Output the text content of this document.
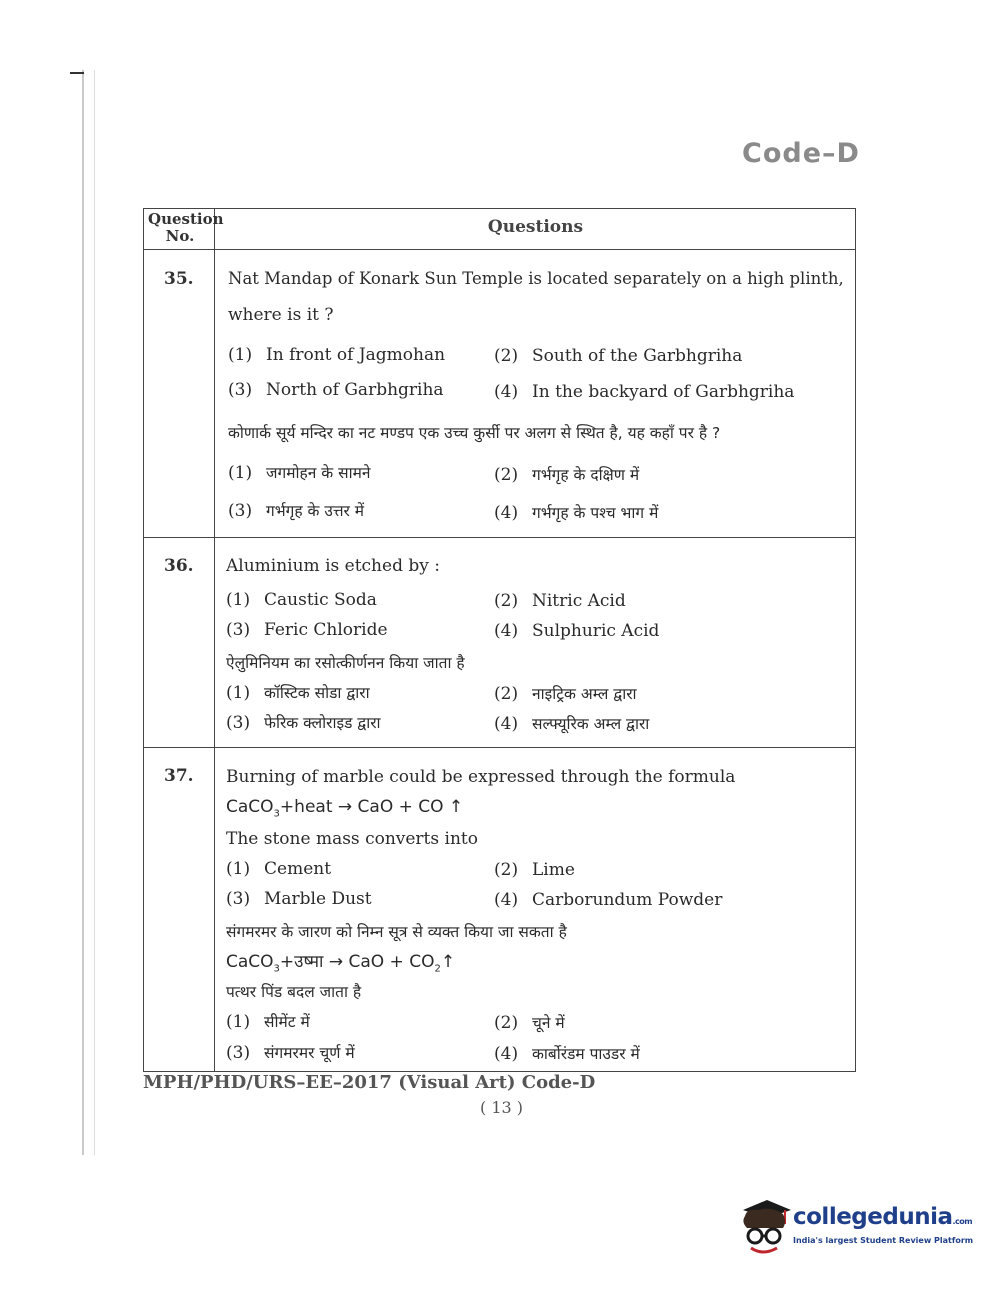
Code–D
Question No.	Questions
35.	Nat Mandap of Konark Sun Temple is located separately on a high plinth,
where is it ?
(1) In front of Jagmohan	(2) South of the Garbhgriha
(3) North of Garbhgriha	(4) In the backyard of Garbhgriha
कोणार्क सूर्य मन्दिर का नट मण्डप एक उच्च कुर्सी पर अलग से स्थित है, यह कहाँ पर है ?
(1) जगमोहन के सामने	(2) गर्भगृह के दक्षिण में
(3) गर्भगृह के उत्तर में	(4) गर्भगृह के पश्च भाग में
36.	Aluminium is etched by :
(1) Caustic Soda	(2) Nitric Acid
(3) Feric Chloride	(4) Sulphuric Acid
ऐलुमिनियम का रसोत्कीर्णनन किया जाता है
(1) कॉस्टिक सोडा द्वारा	(2) नाइट्रिक अम्ल द्वारा
(3) फेरिक क्लोराइड द्वारा	(4) सल्फ्यूरिक अम्ल द्वारा
37.	Burning of marble could be expressed through the formula
CaCO$_3$+heat → CaO + CO ↑
The stone mass converts into
(1) Cement	(2) Lime
(3) Marble Dust	(4) Carborundum Powder
संगमरमर के जारण को निम्न सूत्र से व्यक्त किया जा सकता है
CaCO$_3$+उष्मा → CaO + $CO_2↑$
पत्थर पिंड बदल जाता है
(1) सीमेंट में	(2) चूने में
(3) संगमरमर चूर्ण में	(4) कार्बोरंडम पाउडर में
MPH/PHD/URS–EE–2017 (Visual Art) Code-D
( 13 )
collegedunia.com
India's largest Student Review Platform
